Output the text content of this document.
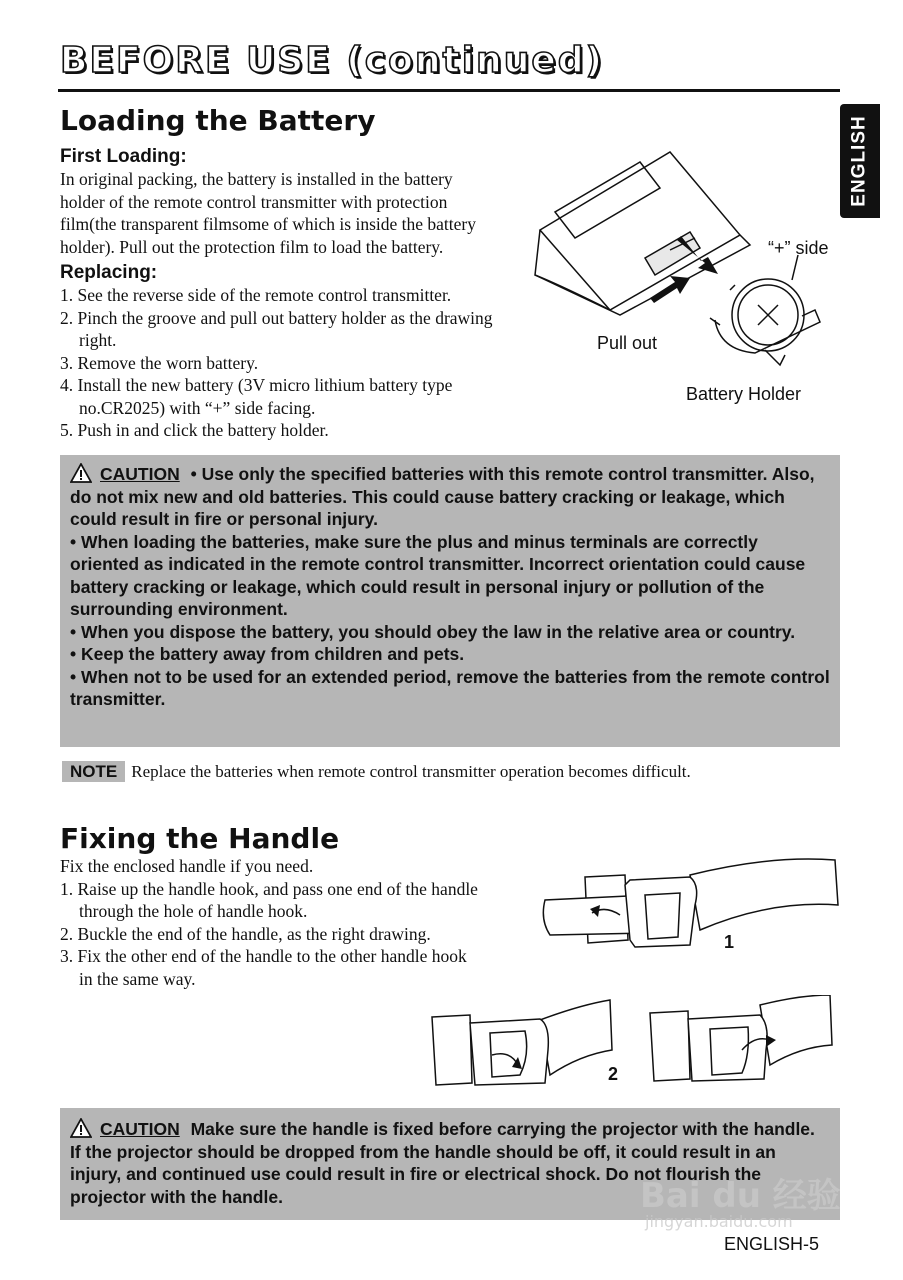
BEFORE USE (continued)
ENGLISH
Loading the Battery
First Loading:
In original packing, the battery is installed in the battery
holder of the remote control transmitter with protection
film(the transparent filmsome of which is inside the battery
holder). Pull out the protection film to load the battery.
Replacing:
1. See the reverse side of the remote control transmitter.
2. Pinch the groove and pull out battery holder as the drawing right.
3. Remove the worn battery.
4. Install the new battery (3V micro lithium battery type no.CR2025) with “+” side facing.
5. Push in and click the battery holder.
“+” side
Pull out
Battery Holder
CAUTION • Use only the specified batteries with this remote control transmitter. Also, do not mix new and old batteries. This could cause battery cracking or leakage, which could result in fire or personal injury.
• When loading the batteries, make sure the plus and minus terminals are correctly oriented as indicated in the remote control transmitter. Incorrect orientation could cause battery cracking or leakage, which could result in personal injury or pollution of the surrounding environment.
• When you dispose the battery, you should obey the law in the relative area or country.
• Keep the battery away from children and pets.
• When not to be used for an extended period, remove the batteries from the remote control transmitter.
NOTE Replace the batteries when remote control transmitter operation becomes difficult.
Fixing the Handle
Fix the enclosed handle if you need.
1. Raise up the handle hook, and pass one end of the handle through the hole of handle hook.
2. Buckle the end of the handle, as the right drawing.
3. Fix the other end of the handle to the other handle hook in the same way.
1
2
CAUTION Make sure the handle is fixed before carrying the projector with the handle. If the projector should be dropped from the handle should be off, it could result in an injury, and continued use could result in fire or electrical shock. Do not flourish the projector with the handle.	Bai du 经验
jingyan.baidu.com
ENGLISH-5
